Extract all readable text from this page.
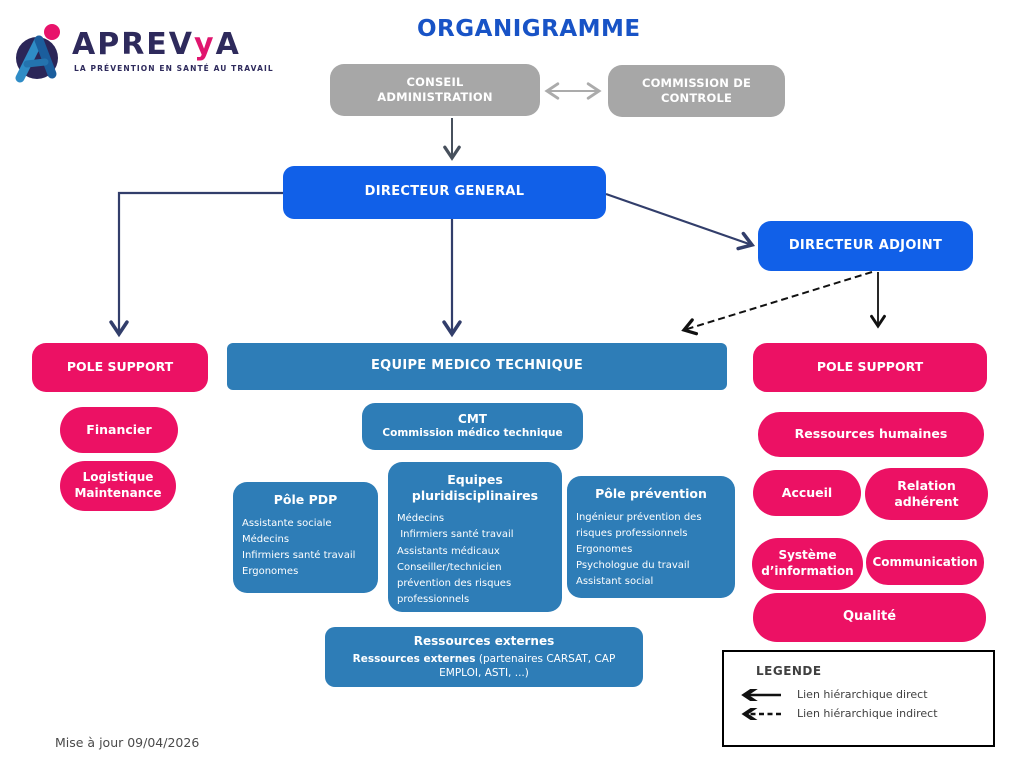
APREVyA
LA PRÉVENTION EN SANTÉ AU TRAVAIL
ORGANIGRAMME
CONSEIL
ADMINISTRATION
COMMISSION DE
CONTROLE
DIRECTEUR GENERAL
DIRECTEUR ADJOINT
POLE SUPPORT
Financier
Logistique
Maintenance
EQUIPE MEDICO TECHNIQUE
CMT
Commission médico technique
Pôle PDP
Assistante sociale
Médecins
Infirmiers santé travail
Ergonomes
Equipes pluridisciplinaires
Médecins
Infirmiers santé travail
Assistants médicaux
Conseiller/technicien prévention des risques professionnels
Pôle prévention
Ingénieur prévention des risques professionnels
Ergonomes
Psychologue du travail
Assistant social
Ressources externes
Ressources externes (partenaires CARSAT, CAP EMPLOI, ASTI, ...)
POLE SUPPORT
Ressources humaines
Accueil	Relation
adhérent
Système
d’information
Communication
Qualité
LEGENDE
Lien hiérarchique direct
Lien hiérarchique indirect
Mise à jour 09/04/2026
